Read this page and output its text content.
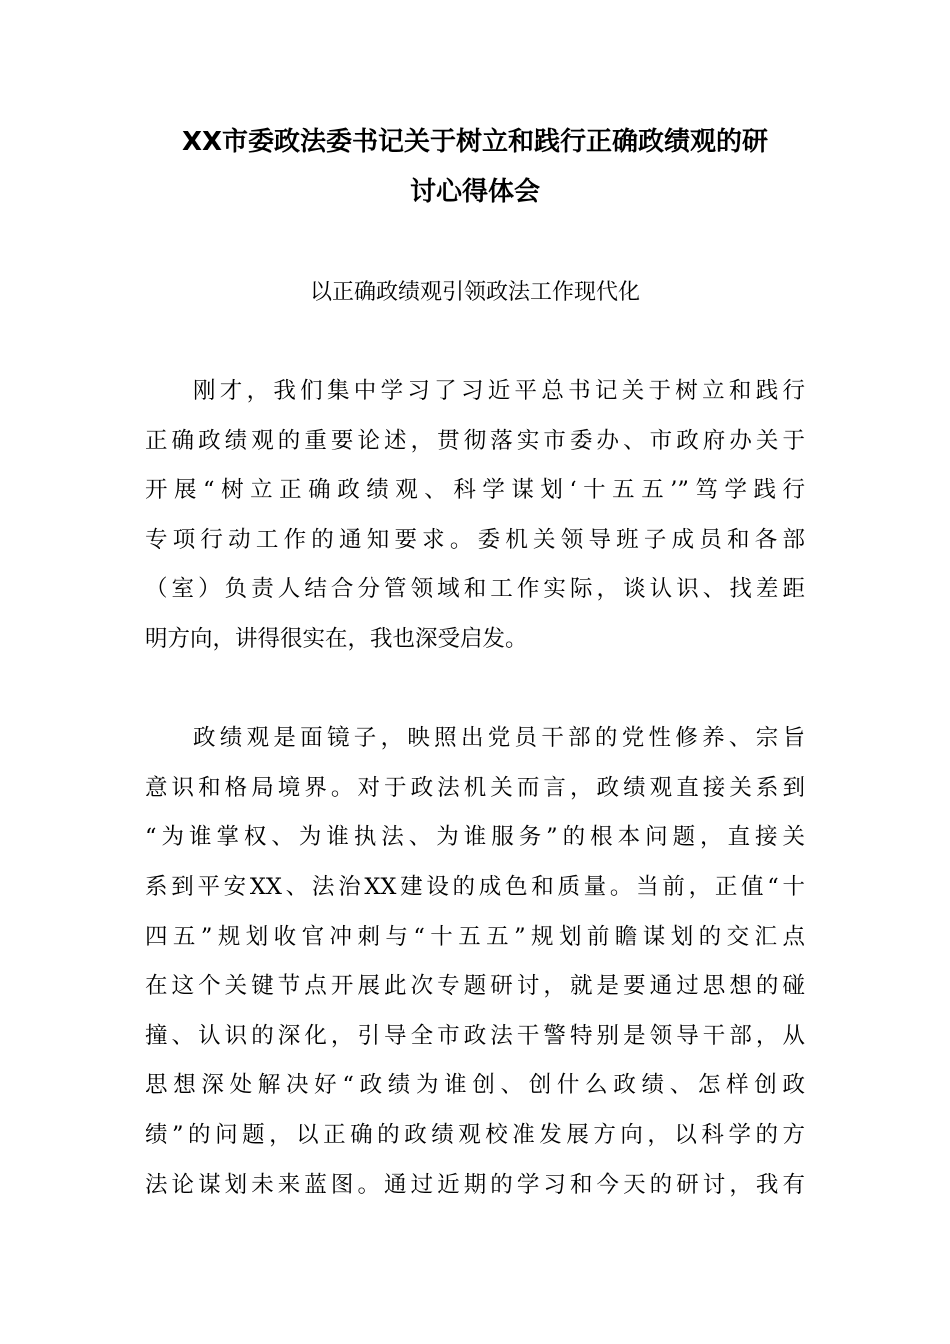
XX市委政法委书记关于树立和践行正确政绩观的研
讨心得体会
以正确政绩观引领政法工作现代化
刚才，我们集中学习了习近平总书记关于树立和践行
正确政绩观的重要论述，贯彻落实市委办、市政府办关于
开展“树立正确政绩观、科学谋划‘十五五’”笃学践行
专项行动工作的通知要求。委机关领导班子成员和各部
（室）负责人结合分管领域和工作实际，谈认识、找差距
明方向，讲得很实在，我也深受启发。
政绩观是面镜子，映照出党员干部的党性修养、宗旨
意识和格局境界。对于政法机关而言，政绩观直接关系到
“为谁掌权、为谁执法、为谁服务”的根本问题，直接关
系到平安XX、法治XX建设的成色和质量。当前，正值“十
四五”规划收官冲刺与“十五五”规划前瞻谋划的交汇点
在这个关键节点开展此次专题研讨，就是要通过思想的碰
撞、认识的深化，引导全市政法干警特别是领导干部，从
思想深处解决好“政绩为谁创、创什么政绩、怎样创政
绩”的问题，以正确的政绩观校准发展方向，以科学的方
法论谋划未来蓝图。通过近期的学习和今天的研讨，我有
